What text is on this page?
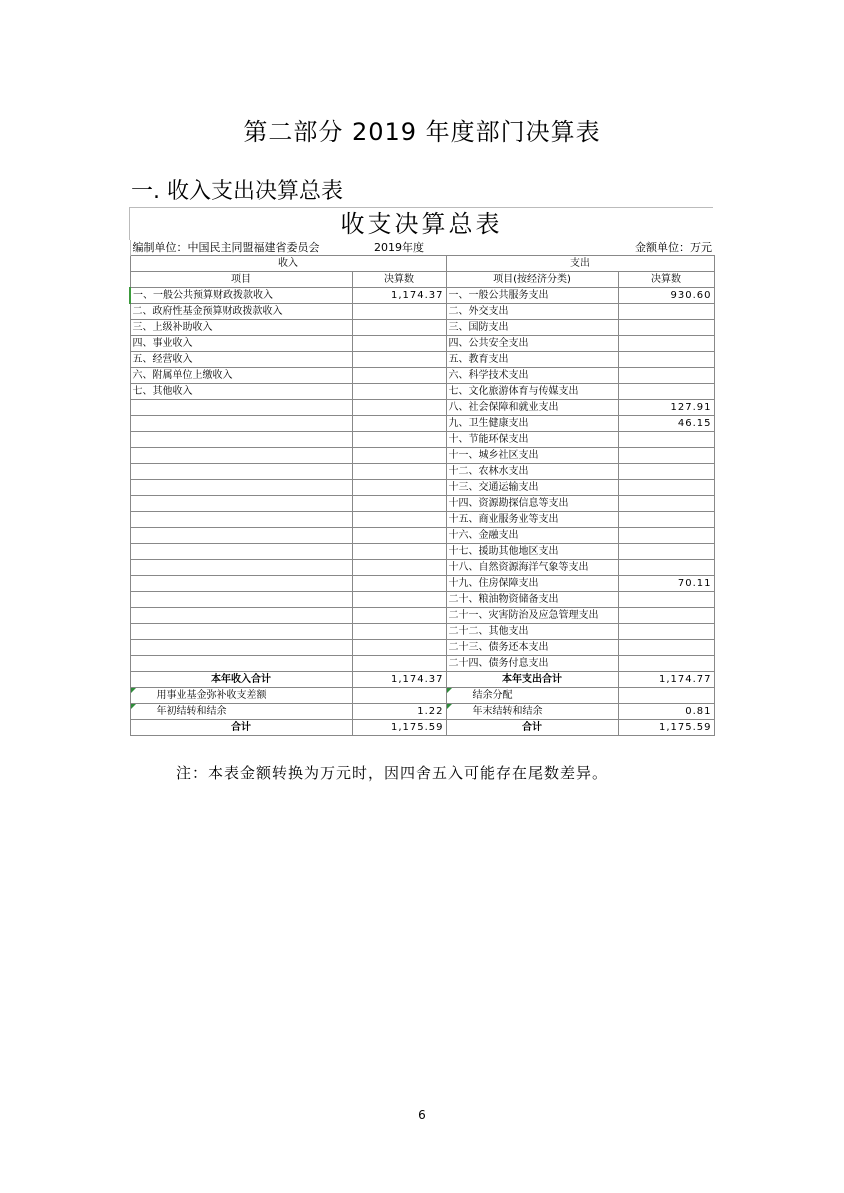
第二部分 2019 年度部门决算表
一. 收入支出决算总表
收支决算总表
编制单位：中国民主同盟福建省委员会	2019年度		金额单位：万元
收入		支出	
项目	决算数	项目(按经济分类)	决算数
一、一般公共预算财政拨款收入	1,174.37	一、一般公共服务支出	930.60
二、政府性基金预算财政拨款收入		二、外交支出	
三、上级补助收入		三、国防支出	
四、事业收入		四、公共安全支出	
五、经营收入		五、教育支出	
六、附属单位上缴收入		六、科学技术支出	
七、其他收入		七、文化旅游体育与传媒支出	
		八、社会保障和就业支出	127.91
		九、卫生健康支出	46.15
		十、节能环保支出	
		十一、城乡社区支出	
		十二、农林水支出	
		十三、交通运输支出	
		十四、资源勘探信息等支出	
		十五、商业服务业等支出	
		十六、金融支出	
		十七、援助其他地区支出	
		十八、自然资源海洋气象等支出	
		十九、住房保障支出	70.11
		二十、粮油物资储备支出	
		二十一、灾害防治及应急管理支出	
		二十二、其他支出	
		二十三、债务还本支出	
		二十四、债务付息支出	
本年收入合计	1,174.37	本年支出合计	1,174.77
用事业基金弥补收支差额		结余分配	
年初结转和结余	1.22	年末结转和结余	0.81
合计	1,175.59	合计	1,175.59
注：本表金额转换为万元时，因四舍五入可能存在尾数差异。
6
